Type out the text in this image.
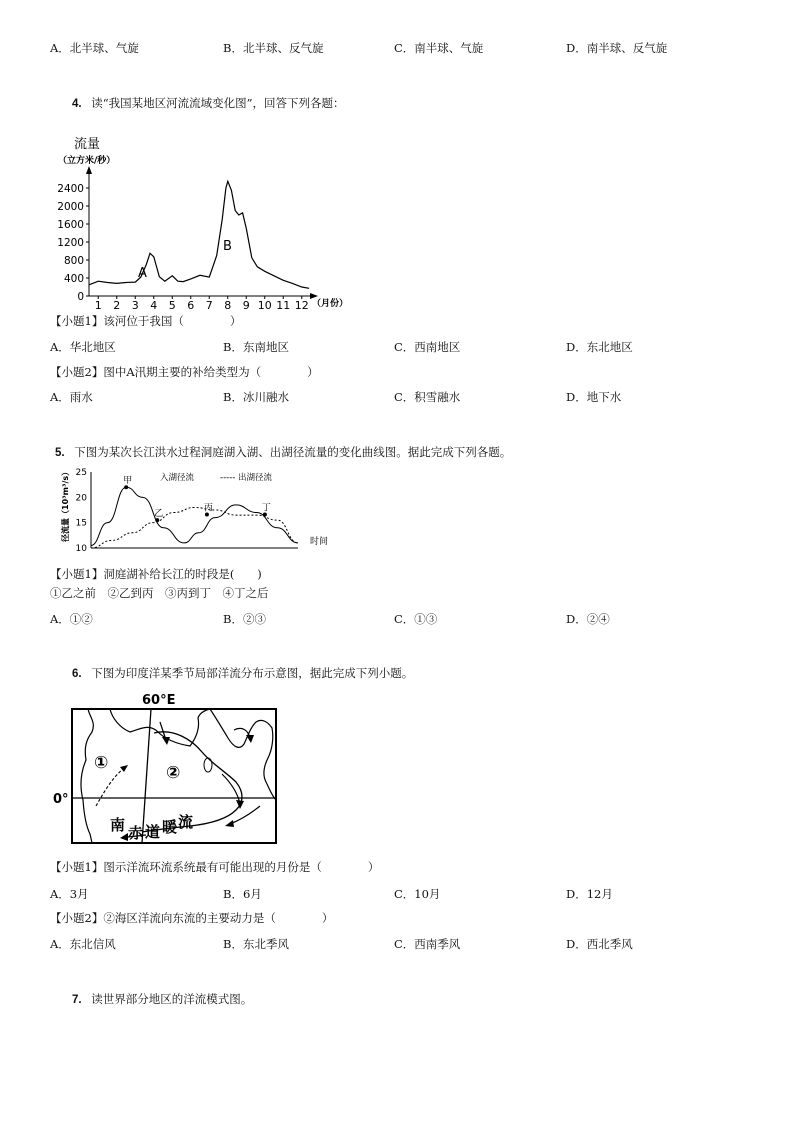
A．北半球、气旋	B．北半球、反气旋	C．南半球、气旋	D．南半球、反气旋
4. 读“我国某地区河流流域变化图”，回答下列各题：
流量
（立方米/秒）
0
400
800
1200
1600
2000
2400
1 2 3 4 5 6 7 8 9 10 11 12 （月份）
A
B
【小题1】该河位于我国（　　　　）
A．华北地区	B．东南地区	C．西南地区	D．东北地区
【小题2】图中A汛期主要的补给类型为（　　　　）
A．雨水	B．冰川融水	C．积雪融水	D．地下水
5. 下图为某次长江洪水过程洞庭湖入湖、出湖径流量的变化曲线图。据此完成下列各题。
径流量（10³m³/s）
10
15
20
25	入湖径流	----- 出湖径流
甲
乙
丙	丁
时间
【小题1】洞庭湖补给长江的时段是(　　)
①乙之前　②乙到丙　③丙到丁　④丁之后
A．①②	B．②③	C．①③	D．②④
6. 下图为印度洋某季节局部洋流分布示意图，据此完成下列小题。
60°E
0°
①	②
南 赤 道 暖 流
【小题1】图示洋流环流系统最有可能出现的月份是（　　　　）
A．3月	B．6月	C．10月	D．12月
【小题2】②海区洋流向东流的主要动力是（　　　　）
A．东北信风	B．东北季风	C．西南季风	D．西北季风
7. 读世界部分地区的洋流模式图。
